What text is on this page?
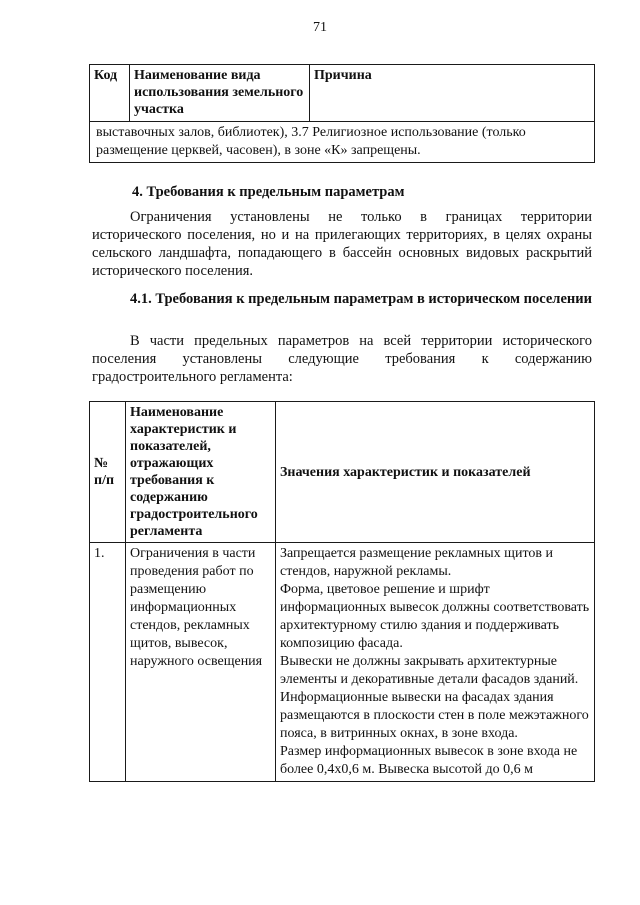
71
Код	Наименование вида использования земельного участка	Причина
выставочных залов, библиотек), 3.7 Религиозное использование (только размещение церквей, часовен), в зоне «К» запрещены.
4. Требования к предельным параметрам
Ограничения установлены не только в границах территории исторического поселения, но и на прилегающих территориях, в целях охраны сельского ландшафта, попадающего в бассейн основных видовых раскрытий исторического поселения.
4.1. Требования к предельным параметрам в историческом поселении
В части предельных параметров на всей территории исторического поселения установлены следующие требования к содержанию градостроительного регламента:
№ п/п	Наименование характеристик и показателей, отражающих требования к содержанию градостроительного регламента	Значения характеристик и показателей
1.	Ограничения в части проведения работ по размещению информационных стендов, рекламных щитов, вывесок, наружного освещения	Запрещается размещение рекламных щитов и стендов, наружной рекламы.

Форма, цветовое решение и шрифт информационных вывесок должны соответствовать архитектурному стилю здания и поддерживать композицию фасада.

Вывески не должны закрывать архитектурные элементы и декоративные детали фасадов зданий.

Информационные вывески на фасадах здания размещаются в плоскости стен в поле межэтажного пояса, в витринных окнах, в зоне входа.

Размер информационных вывесок в зоне входа не более 0,4х0,6 м. Вывеска высотой до 0,6 м
